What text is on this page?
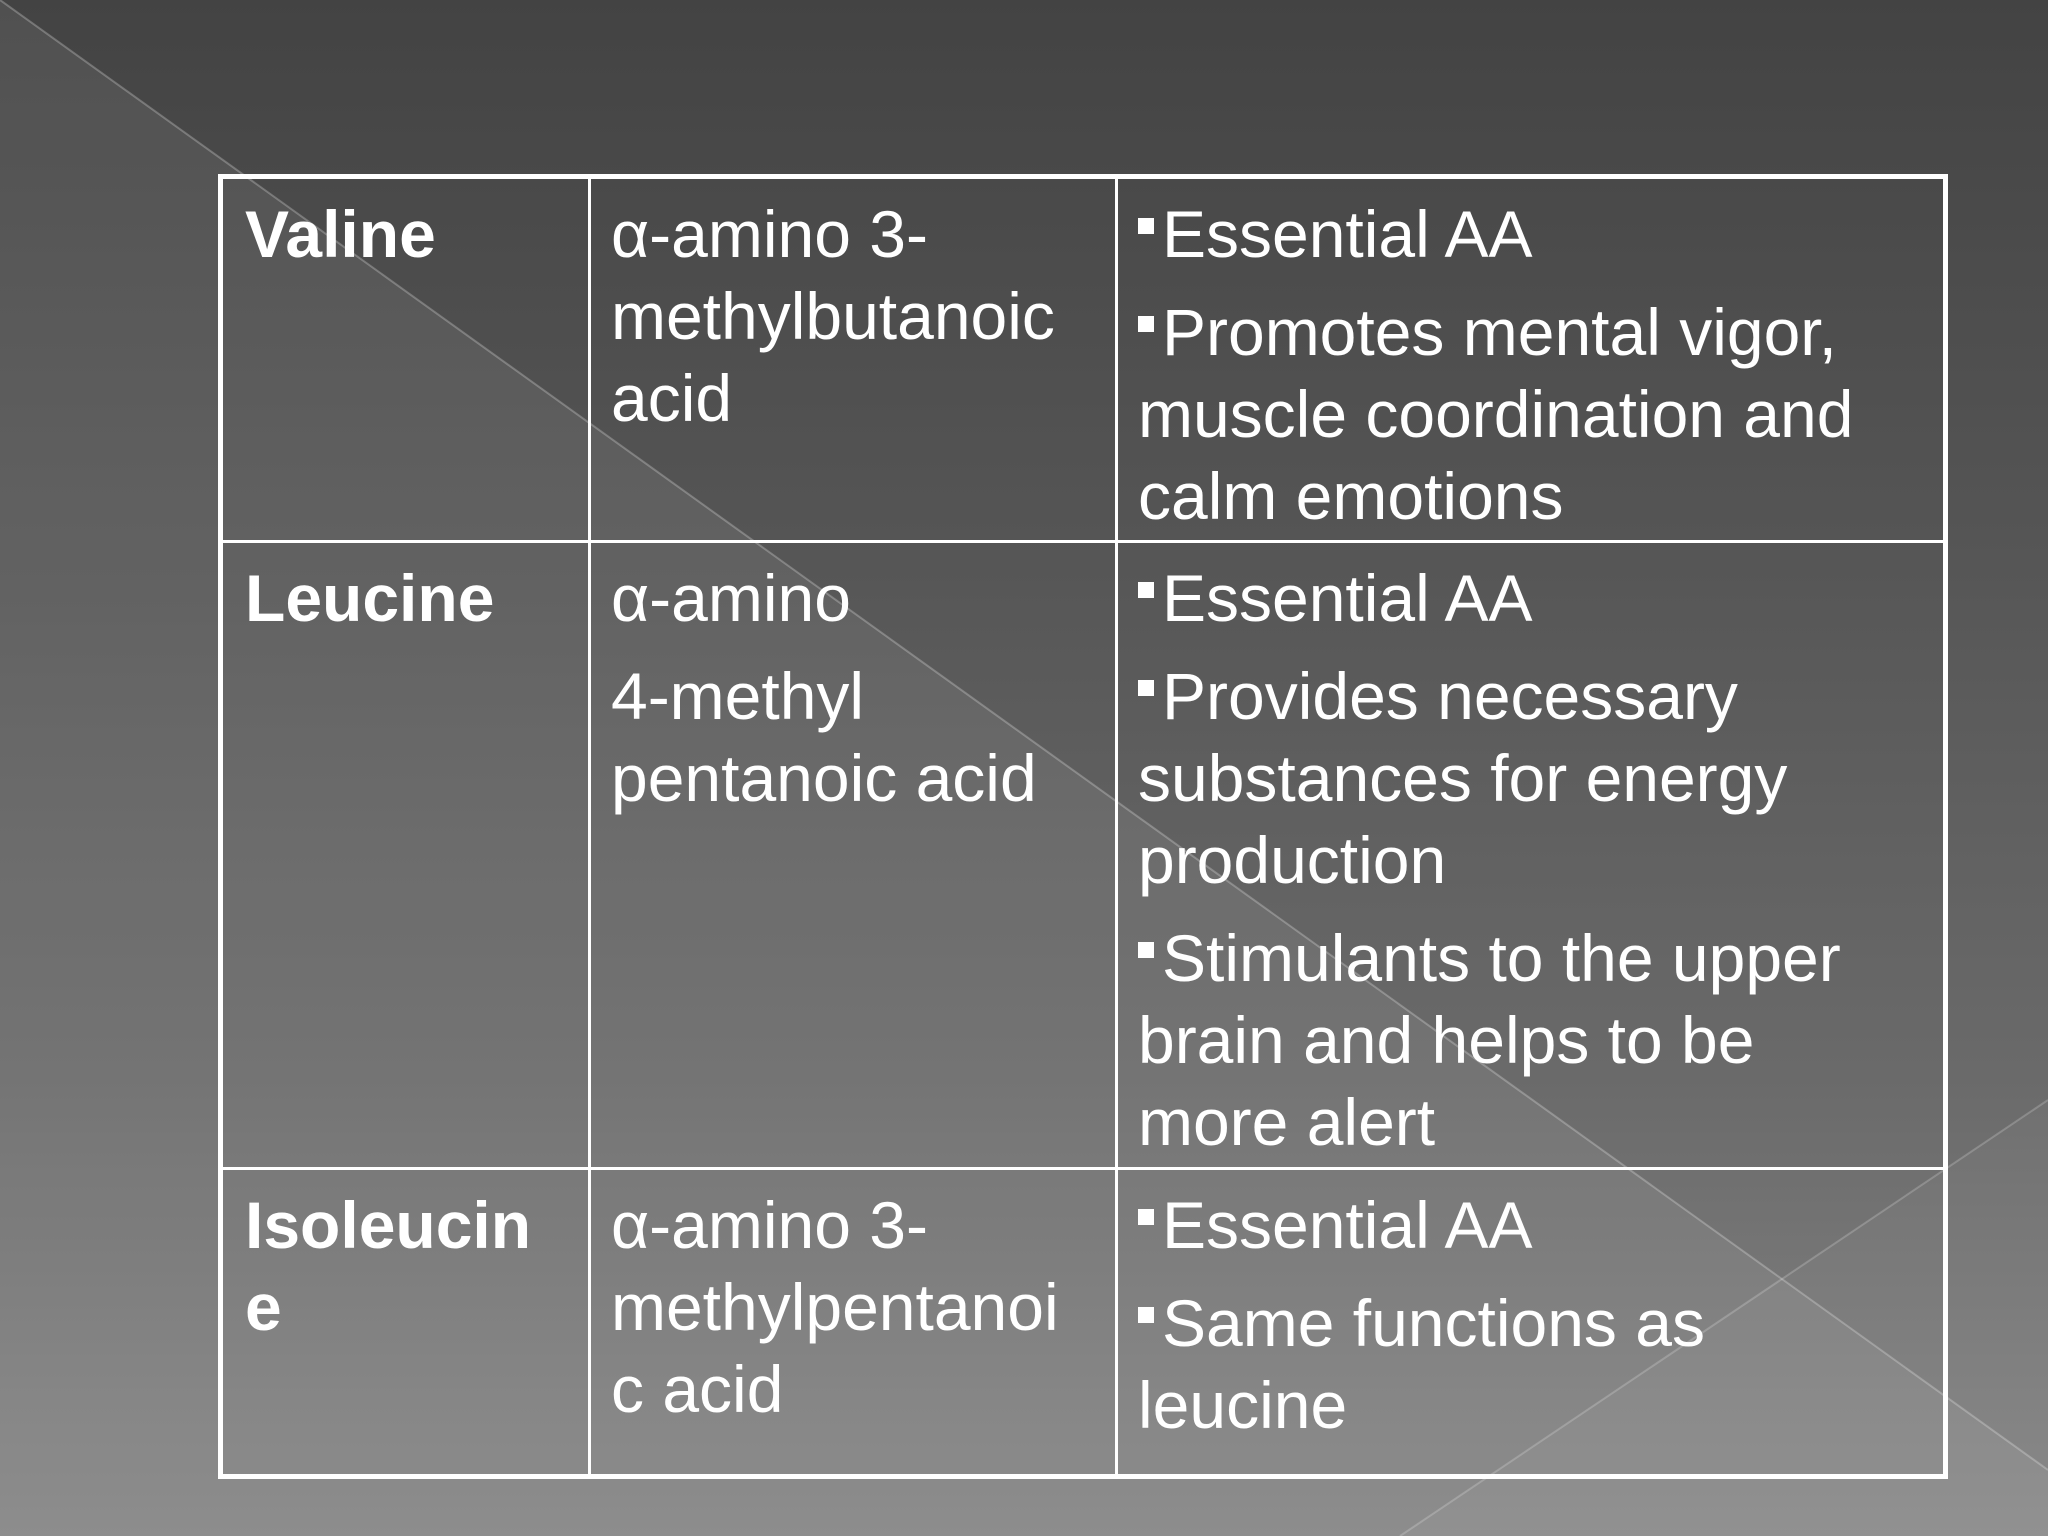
Valine	α-amino 3-
methylbutanoic
acid
Essential AA
Promotes mental vigor,
muscle coordination and
calm emotions
Leucine	α-amino
4-methyl
pentanoic acid
Essential AA
Provides necessary
substances for energy
production
Stimulants to the upper
brain and helps to be
more alert
Isoleucin
e
α-amino 3-
methylpentanoi
c acid
Essential AA
Same functions as
leucine
